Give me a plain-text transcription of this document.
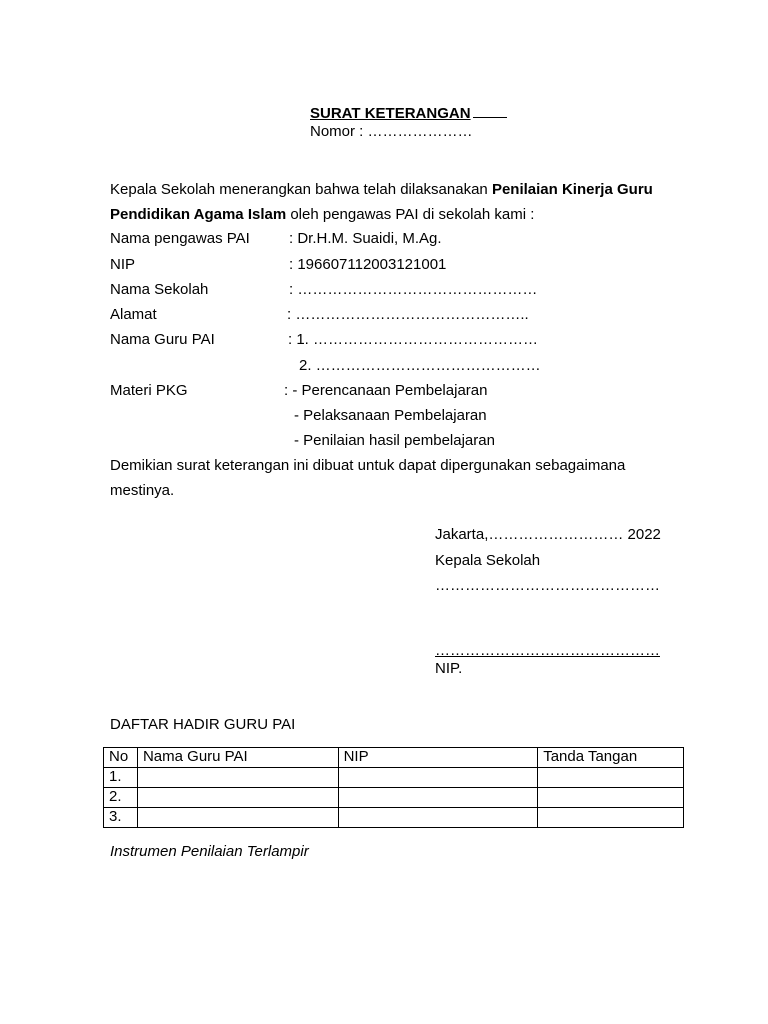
SURAT KETERANGAN
Nomor : …………………
Kepala Sekolah menerangkan bahwa telah dilaksanakan Penilaian Kinerja Guru Pendidikan Agama Islam oleh pengawas PAI di sekolah kami :
Nama pengawas PAI	: Dr.H.M. Suaidi, M.Ag.
NIP	: 196607112003121001
Nama Sekolah	: …………………………………………
Alamat	: ………………………………………..
Nama Guru PAI	: 1. ………………………………………
2. ………………………………………
Materi PKG	: - Perencanaan Pembelajaran
- Pelaksanaan Pembelajaran
- Penilaian hasil pembelajaran
Demikian surat keterangan ini dibuat untuk dapat dipergunakan sebagaimana mestinya.
Jakarta,……………………… 2022
Kepala Sekolah
………………………………………
………………………………………
NIP.
DAFTAR HADIR GURU PAI
No	Nama Guru PAI	NIP	Tanda Tangan
1.			
2.			
3.			
Instrumen Penilaian Terlampir
